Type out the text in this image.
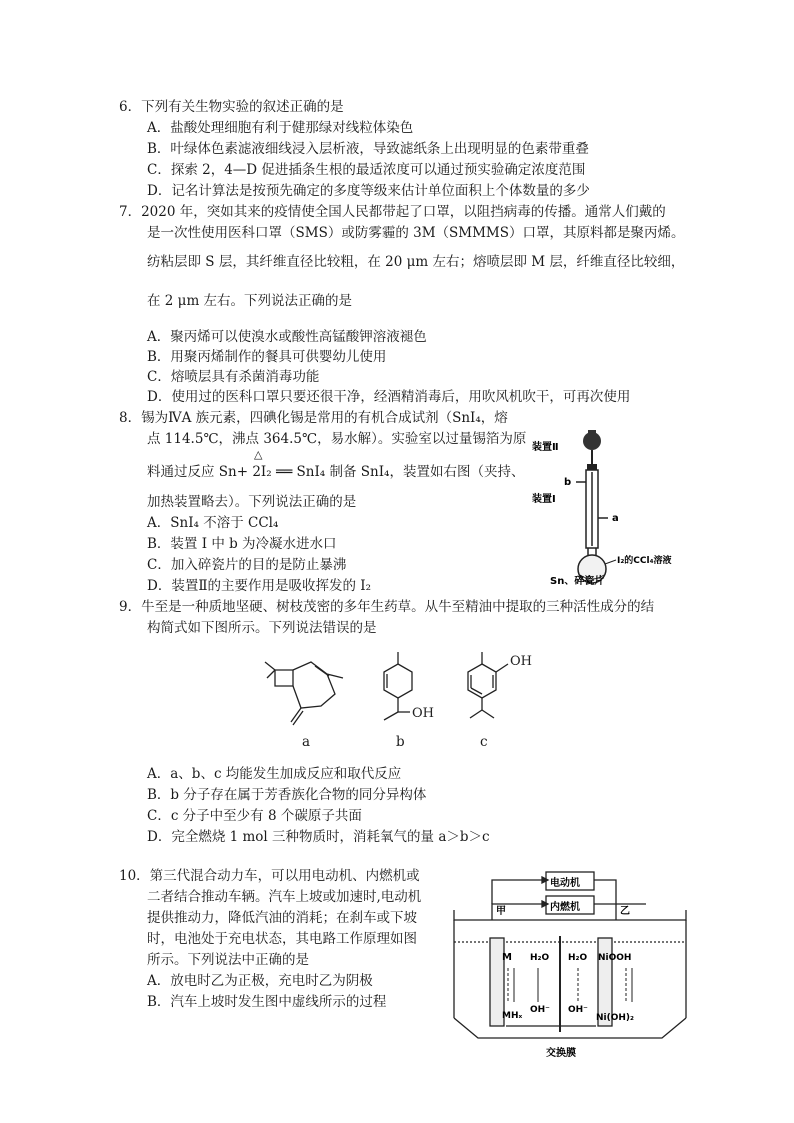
6．下列有关生物实验的叙述正确的是
A．盐酸处理细胞有利于健那绿对线粒体染色
B．叶绿体色素滤液细线浸入层析液，导致滤纸条上出现明显的色素带重叠
C．探索 2，4—D 促进插条生根的最适浓度可以通过预实验确定浓度范围
D．记名计算法是按预先确定的多度等级来估计单位面积上个体数量的多少
7．2020 年，突如其来的疫情使全国人民都带起了口罩，以阻挡病毒的传播。通常人们戴的
是一次性使用医科口罩（SMS）或防雾霾的 3M（SMMMS）口罩，其原料都是聚丙烯。
纺粘层即 S 层，其纤维直径比较粗，在 20 μm 左右；熔喷层即 M 层，纤维直径比较细，
在 2 μm 左右。下列说法正确的是
A．聚丙烯可以使溴水或酸性高锰酸钾溶液褪色
B．用聚丙烯制作的餐具可供婴幼儿使用
C．熔喷层具有杀菌消毒功能
D．使用过的医科口罩只要还很干净，经酒精消毒后，用吹风机吹干，可再次使用
8．锡为ⅣA 族元素，四碘化锡是常用的有机合成试剂（SnI₄，熔
点 114.5℃，沸点 364.5℃，易水解）。实验室以过量锡箔为原
△
料通过反应 Sn+ 2I₂ ══ SnI₄ 制备 SnI₄，装置如右图（夹持、
加热装置略去）。下列说法正确的是
A．SnI₄ 不溶于 CCl₄
B．装置 Ⅰ 中 b 为冷凝水进水口
C．加入碎瓷片的目的是防止暴沸
D．装置Ⅱ的主要作用是吸收挥发的 I₂
装置Ⅱ
b
装置Ⅰ
a
I₂的CCl₄溶液
Sn、碎瓷片
9．牛至是一种质地坚硬、树枝茂密的多年生药草。从牛至精油中提取的三种活性成分的结
构简式如下图所示。下列说法错误的是
a
OH
b
OH
c
A．a、b、c 均能发生加成反应和取代反应
B．b 分子存在属于芳香族化合物的同分异构体
C．c 分子中至少有 8 个碳原子共面
D．完全燃烧 1 mol 三种物质时，消耗氧气的量 a＞b＞c
10．第三代混合动力车，可以用电动机、内燃机或
二者结合推动车辆。汽车上坡或加速时,电动机
提供推动力，降低汽油的消耗；在刹车或下坡
时，电池处于充电状态，其电路工作原理如图
所示。下列说法中正确的是
A．放电时乙为正极，充电时乙为阴极
B．汽车上坡时发生图中虚线所示的过程
电动机
内燃机
甲	乙
M
MHₓ
H₂O
OH⁻
H₂O
OH⁻
NiOOH
Ni(OH)₂
交换膜
